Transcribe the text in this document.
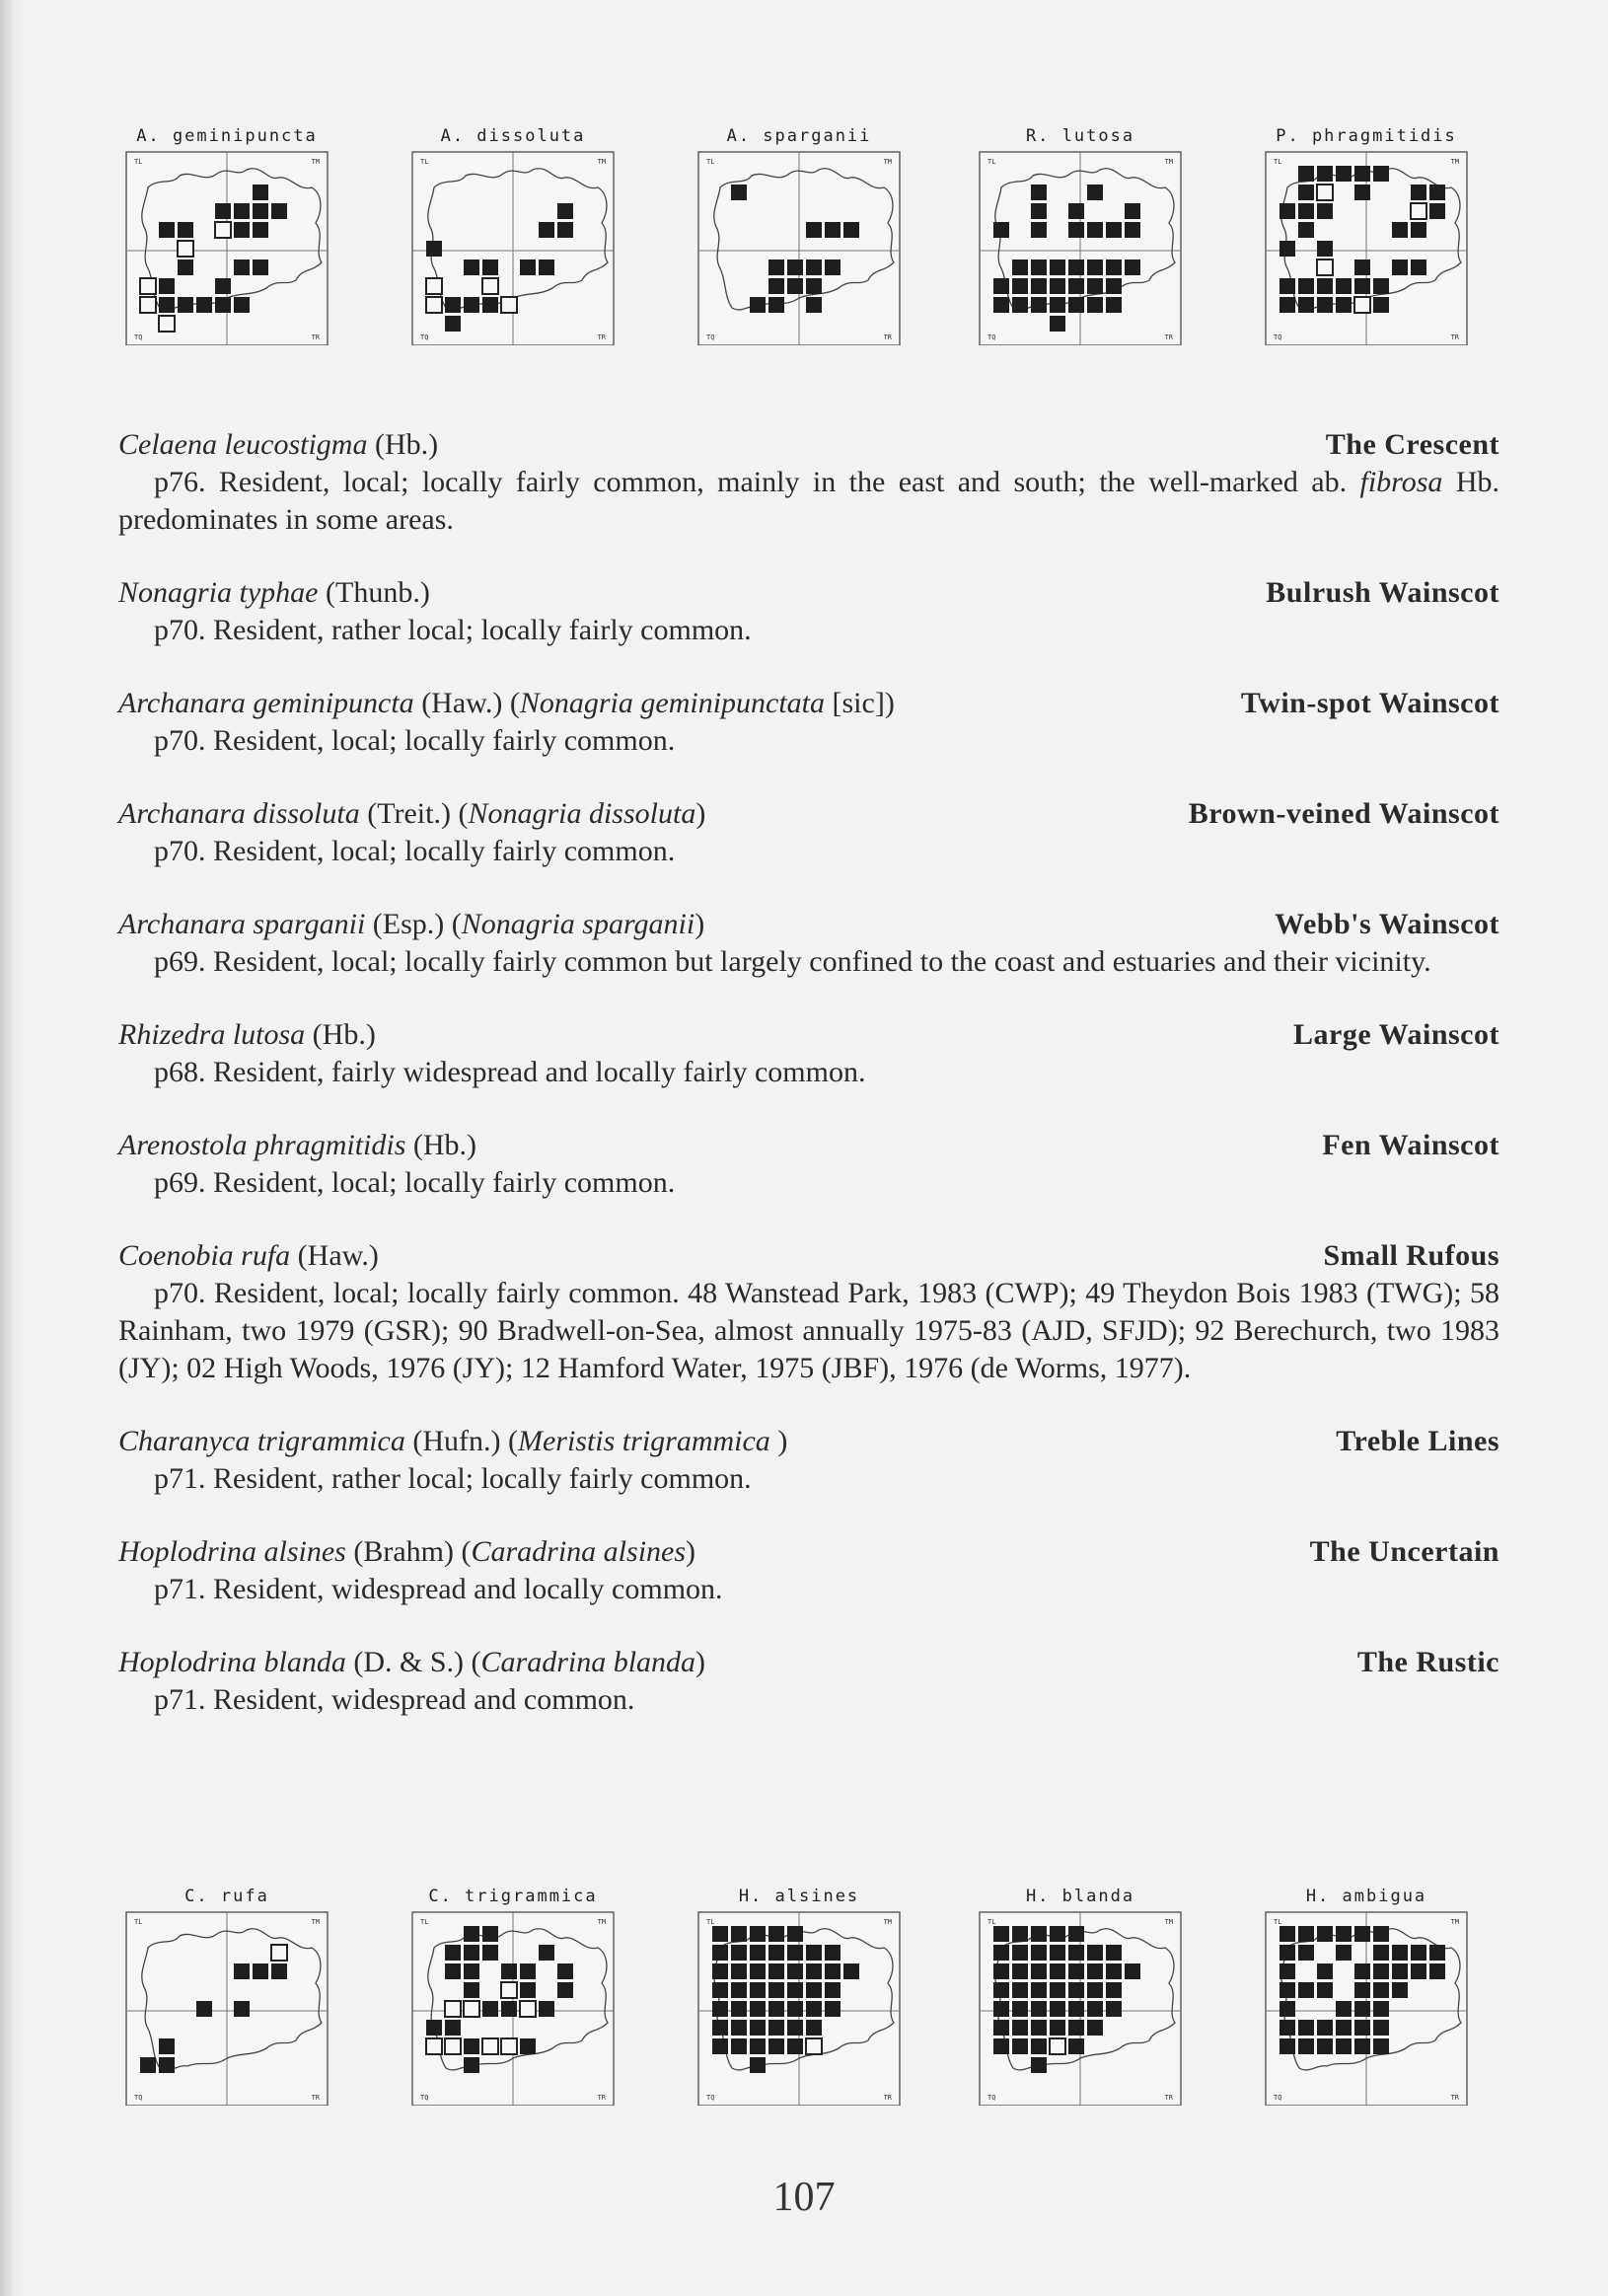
A. geminipuncta
TL	TM
TQ	TR
A. dissoluta
TL	TM
TQ	TR
A. sparganii
TL	TM
TQ	TR
R. lutosa
TL	TM
TQ	TR
P. phragmitidis
TL	TM
TQ	TR
Celaena leucostigma (Hb.)	The Crescent

p76. Resident, local; locally fairly common, mainly in the east and south; the well-marked ab. fibrosa Hb. predominates in some areas.

Nonagria typhae (Thunb.)	Bulrush Wainscot

p70. Resident, rather local; locally fairly common.

Archanara geminipuncta (Haw.) (Nonagria geminipunctata [sic])	Twin-spot Wainscot

p70. Resident, local; locally fairly common.

Archanara dissoluta (Treit.) (Nonagria dissoluta)	Brown-veined Wainscot

p70. Resident, local; locally fairly common.

Archanara sparganii (Esp.) (Nonagria sparganii)	Webb's Wainscot

p69. Resident, local; locally fairly common but largely confined to the coast and estuaries and their vicinity.

Rhizedra lutosa (Hb.)	Large Wainscot

p68. Resident, fairly widespread and locally fairly common.

Arenostola phragmitidis (Hb.)	Fen Wainscot

p69. Resident, local; locally fairly common.

Coenobia rufa (Haw.)	Small Rufous

p70. Resident, local; locally fairly common. 48 Wanstead Park, 1983 (CWP); 49 Theydon Bois 1983 (TWG); 58 Rainham, two 1979 (GSR); 90 Bradwell-on-Sea, almost annually 1975-83 (AJD, SFJD); 92 Berechurch, two 1983 (JY); 02 High Woods, 1976 (JY); 12 Hamford Water, 1975 (JBF), 1976 (de Worms, 1977).

Charanyca trigrammica (Hufn.) (Meristis trigrammica )	Treble Lines

p71. Resident, rather local; locally fairly common.

Hoplodrina alsines (Brahm) (Caradrina alsines)	The Uncertain

p71. Resident, widespread and locally common.

Hoplodrina blanda (D. & S.) (Caradrina blanda)	The Rustic

p71. Resident, widespread and common.

C. rufa
TL	TM
TQ	TR
C. trigrammica
TL	TM
TQ	TR
H. alsines
TL	TM
TQ	TR
H. blanda
TL	TM
TQ	TR
H. ambigua
TL	TM
TQ	TR
107
